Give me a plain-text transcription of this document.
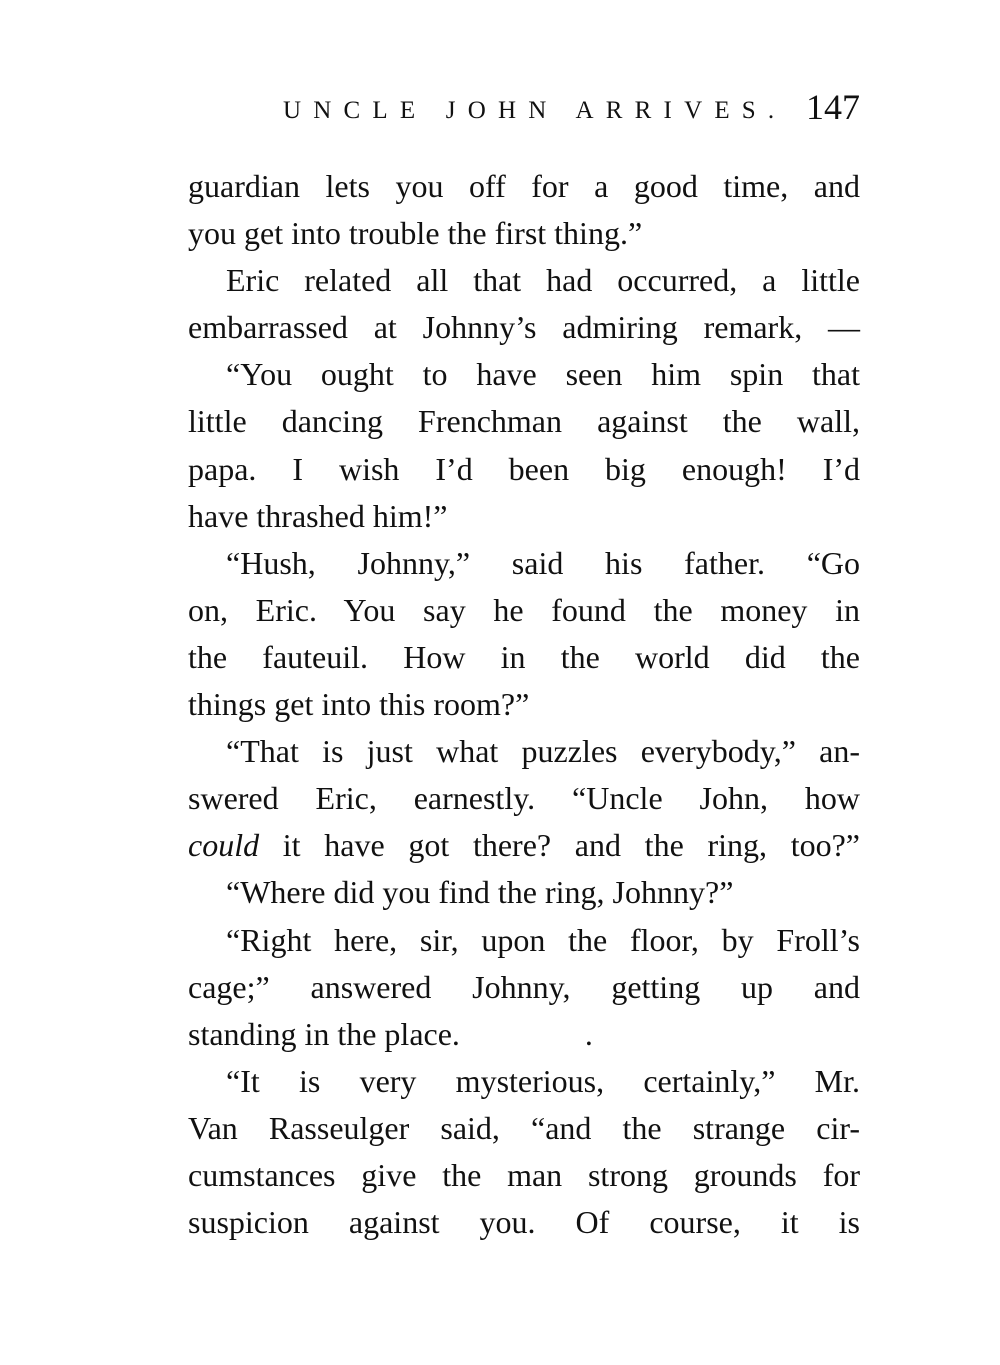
UNCLE JOHN ARRIVES. 147
guardian lets you off for a good time, and
you get into trouble the first thing.”
Eric related all that had occurred, a little
embarrassed at Johnny’s admiring remark, —
“You ought to have seen him spin that
little dancing Frenchman against the wall,
papa. I wish I’d been big enough! I’d
have thrashed him!”
“Hush, Johnny,” said his father. “Go
on, Eric. You say he found the money in
the fauteuil. How in the world did the
things get into this room?”
“That is just what puzzles everybody,” an-
swered Eric, earnestly. “Uncle John, how
could it have got there? and the ring, too?”
“Where did you find the ring, Johnny?”
“Right here, sir, upon the floor, by Froll’s
cage;” answered Johnny, getting up and
standing in the place.	.
“It is very mysterious, certainly,” Mr.
Van Rasseulger said, “and the strange cir-
cumstances give the man strong grounds for
suspicion against you. Of course, it is
